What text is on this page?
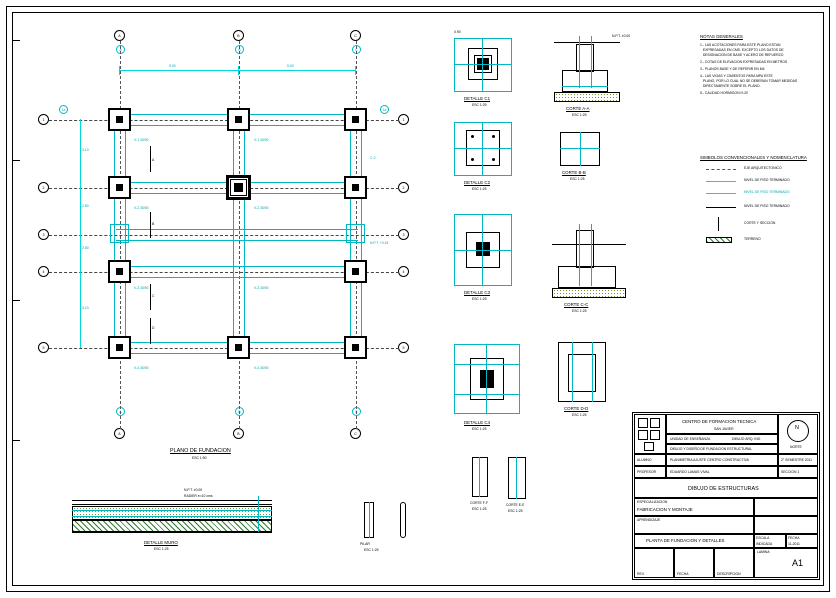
A	B	C
A	B	C
A	B	C
A	B	C
1
2
3
4
5
1
2
3
4
5
1a	1a
5.00	5.00
3.10
2.80
2.80
3.10
V-1 30/50	V-1 30/50
V-2 30/50	V-2 30/50
V-3 30/50	V-3 30/50
V-4 30/50	V-4 30/50
N.P.T. +0.15
C-2
A
B
C
D
PLANO DE FUNDACION
ESC 1:50
DETALLE C1
ESC 1:25
0.90
DETALLE C2
ESC 1:25
DETALLE C3
ESC 1:25
DETALLE C4
ESC 1:25
CORTE F-F
ESC 1:25
CORTE A-A
ESC 1:25
N.P.T. ±0.00
CORTE B-B
ESC 1:25
CORTE C-C
ESC 1:25
CORTE D-D
ESC 1:25
CORTE E-E
ESC 1:25
NOTAS GENERALES
1.- LAS ACOTACIONES PARA ESTE PLANO ESTAN
EXPRESADAS EN CMS. EXCEPTO LOS DATOS DE
DESIGNACION DE BASE Y ACERO DE REFUERZO
2.- COTAS DE ELEVACION EXPRESADAS EN METROS
3.- PLANOS BASE Y DE REFERIR EN M4
4.- LAS VIGAS Y CIMIENTOS PARA MPA ESTE
PLANO, POR LO CUAL NO SE DEBERAN TOMAR MEDIDAS
DIRECTAMENTE SOBRE EL PLANO.
5.- CALIDAD HORMIGON H-20
SIMBOLOS CONVENCIONALES Y NOMENCLATURA
EJE ARQUITECTONICO
NIVEL DE PISO TERMINADO
NIVEL DE PISO TERMINADO
NIVEL DE PISO TERMINADO
CORTE Y SECCION
TERRENO
N.P.T. ±0.00
RADIER e=10 cms
DETALLE MURO
ESC 1:25
PILAR
ESC 1:25
CENTRO DE FORMACION TECNICA
SAN JAVIER	N
NORTE
UNIDAD DE ENSEÑANZA	DIBUJO ARQ. ING
DIBUJO Y DISEÑO DE FUNDACION ESTRUCTURAL
ALUMNO	PLANIMETRIA AJUSTE CENTRO CONSTRUCTIVA	2° SEMESTRE 2011
PROFESOR	EDUARDO LAMAS VIVAL	SECCION 1
DIBUJO DE ESTRUCTURAS
ESPECIALIZACION
FABRICACION Y MONTAJE
APRENDIZAJE

PLANTA DE FUNDACION Y DETALLES	ESCALA
INDICADA
FECHA
11-2011
LAMINA
A1
REV.	FECHA	DESCRIPCION
